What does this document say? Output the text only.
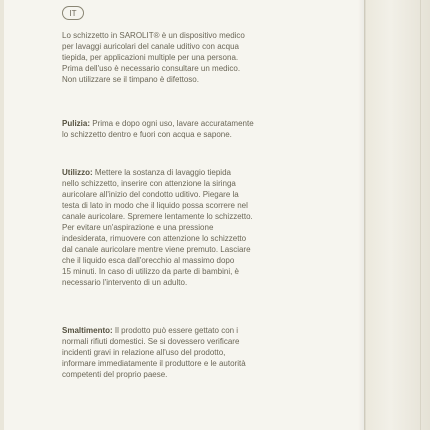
IT
Lo schizzetto in SAROLIT® è un dispositivo medico
per lavaggi auricolari del canale uditivo con acqua
tiepida, per applicazioni multiple per una persona.
Prima dell'uso è necessario consultare un medico.
Non utilizzare se il timpano è difettoso.
Pulizia: Prima e dopo ogni uso, lavare accuratamente
lo schizzetto dentro e fuori con acqua e sapone.
Utilizzo: Mettere la sostanza di lavaggio tiepida
nello schizzetto, inserire con attenzione la siringa
auricolare all'inizio del condotto uditivo. Piegare la
testa di lato in modo che il liquido possa scorrere nel
canale auricolare. Spremere lentamente lo schizzetto.
Per evitare un'aspirazione e una pressione
indesiderata, rimuovere con attenzione lo schizzetto
dal canale auricolare mentre viene premuto. Lasciare
che il liquido esca dall'orecchio al massimo dopo
15 minuti. In caso di utilizzo da parte di bambini, è
necessario l'intervento di un adulto.
Smaltimento: Il prodotto può essere gettato con i
normali rifiuti domestici. Se si dovessero verificare
incidenti gravi in relazione all'uso del prodotto,
informare immediatamente il produttore e le autorità
competenti del proprio paese.
